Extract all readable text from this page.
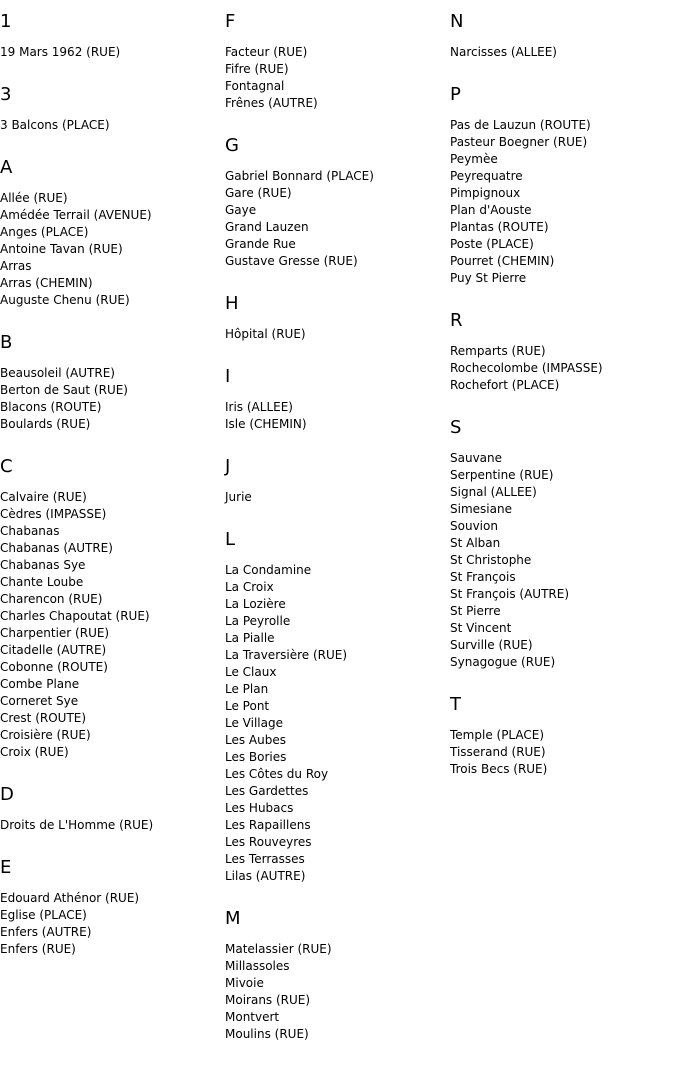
1
19 Mars 1962 (RUE)
3
3 Balcons (PLACE)
A
Allée (RUE)
Amédée Terrail (AVENUE)
Anges (PLACE)
Antoine Tavan (RUE)
Arras
Arras (CHEMIN)
Auguste Chenu (RUE)
B
Beausoleil (AUTRE)
Berton de Saut (RUE)
Blacons (ROUTE)
Boulards (RUE)
C
Calvaire (RUE)
Cèdres (IMPASSE)
Chabanas
Chabanas (AUTRE)
Chabanas Sye
Chante Loube
Charencon (RUE)
Charles Chapoutat (RUE)
Charpentier (RUE)
Citadelle (AUTRE)
Cobonne (ROUTE)
Combe Plane
Corneret Sye
Crest (ROUTE)
Croisière (RUE)
Croix (RUE)
D
Droits de L'Homme (RUE)
E
Edouard Athénor (RUE)
Eglise (PLACE)
Enfers (AUTRE)
Enfers (RUE)
F
Facteur (RUE)
Fifre (RUE)
Fontagnal
Frênes (AUTRE)
G
Gabriel Bonnard (PLACE)
Gare (RUE)
Gaye
Grand Lauzen
Grande Rue
Gustave Gresse (RUE)
H
Hôpital (RUE)
I
Iris (ALLEE)
Isle (CHEMIN)
J
Jurie
L
La Condamine
La Croix
La Lozière
La Peyrolle
La Pialle
La Traversière (RUE)
Le Claux
Le Plan
Le Pont
Le Village
Les Aubes
Les Bories
Les Côtes du Roy
Les Gardettes
Les Hubacs
Les Rapaillens
Les Rouveyres
Les Terrasses
Lilas (AUTRE)
M
Matelassier (RUE)
Millassoles
Mivoie
Moirans (RUE)
Montvert
Moulins (RUE)
N
Narcisses (ALLEE)
P
Pas de Lauzun (ROUTE)
Pasteur Boegner (RUE)
Peymèe
Peyrequatre
Pimpignoux
Plan d'Aouste
Plantas (ROUTE)
Poste (PLACE)
Pourret (CHEMIN)
Puy St Pierre
R
Remparts (RUE)
Rochecolombe (IMPASSE)
Rochefort (PLACE)
S
Sauvane
Serpentine (RUE)
Signal (ALLEE)
Simesiane
Souvion
St Alban
St Christophe
St François
St François (AUTRE)
St Pierre
St Vincent
Surville (RUE)
Synagogue (RUE)
T
Temple (PLACE)
Tisserand (RUE)
Trois Becs (RUE)
